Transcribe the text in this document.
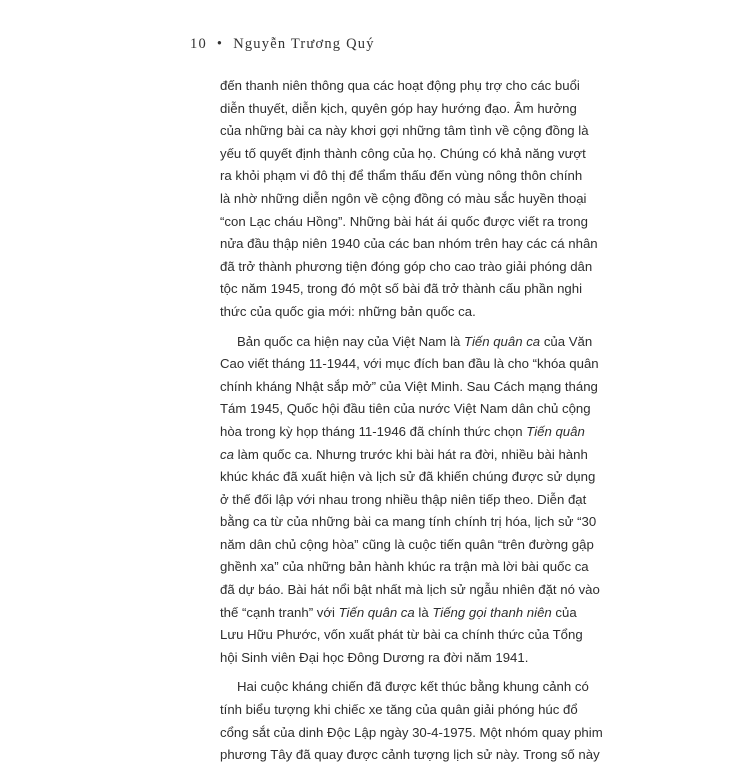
10 • Nguyễn Trương Quý

đến thanh niên thông qua các hoạt động phụ trợ cho các buổi
diễn thuyết, diễn kịch, quyên góp hay hướng đạo. Âm hưởng
của những bài ca này khơi gợi những tâm tình về cộng đồng là
yếu tố quyết định thành công của họ. Chúng có khả năng vượt
ra khỏi phạm vi đô thị để thẩm thấu đến vùng nông thôn chính
là nhờ những diễn ngôn về cộng đồng có màu sắc huyền thoại
“con Lạc cháu Hồng”. Những bài hát ái quốc được viết ra trong
nửa đầu thập niên 1940 của các ban nhóm trên hay các cá nhân
đã trở thành phương tiện đóng góp cho cao trào giải phóng dân
tộc năm 1945, trong đó một số bài đã trở thành cấu phần nghi
thức của quốc gia mới: những bản quốc ca.

Bản quốc ca hiện nay của Việt Nam là Tiến quân ca của Văn
Cao viết tháng 11-1944, với mục đích ban đầu là cho “khóa quân
chính kháng Nhật sắp mở” của Việt Minh. Sau Cách mạng tháng
Tám 1945, Quốc hội đầu tiên của nước Việt Nam dân chủ cộng
hòa trong kỳ họp tháng 11-1946 đã chính thức chọn Tiến quân
ca làm quốc ca. Nhưng trước khi bài hát ra đời, nhiều bài hành
khúc khác đã xuất hiện và lịch sử đã khiến chúng được sử dụng
ở thế đối lập với nhau trong nhiều thập niên tiếp theo. Diễn đạt
bằng ca từ của những bài ca mang tính chính trị hóa, lịch sử “30
năm dân chủ cộng hòa” cũng là cuộc tiến quân “trên đường gập
ghềnh xa” của những bản hành khúc ra trận mà lời bài quốc ca
đã dự báo. Bài hát nổi bật nhất mà lịch sử ngẫu nhiên đặt nó vào
thế “cạnh tranh” với Tiến quân ca là Tiếng gọi thanh niên của
Lưu Hữu Phước, vốn xuất phát từ bài ca chính thức của Tổng
hội Sinh viên Đại học Đông Dương ra đời năm 1941.

Hai cuộc kháng chiến đã được kết thúc bằng khung cảnh có
tính biểu tượng khi chiếc xe tăng của quân giải phóng húc đổ
cổng sắt của dinh Độc Lập ngày 30-4-1975. Một nhóm quay phim
phương Tây đã quay được cảnh tượng lịch sử này. Trong số này
